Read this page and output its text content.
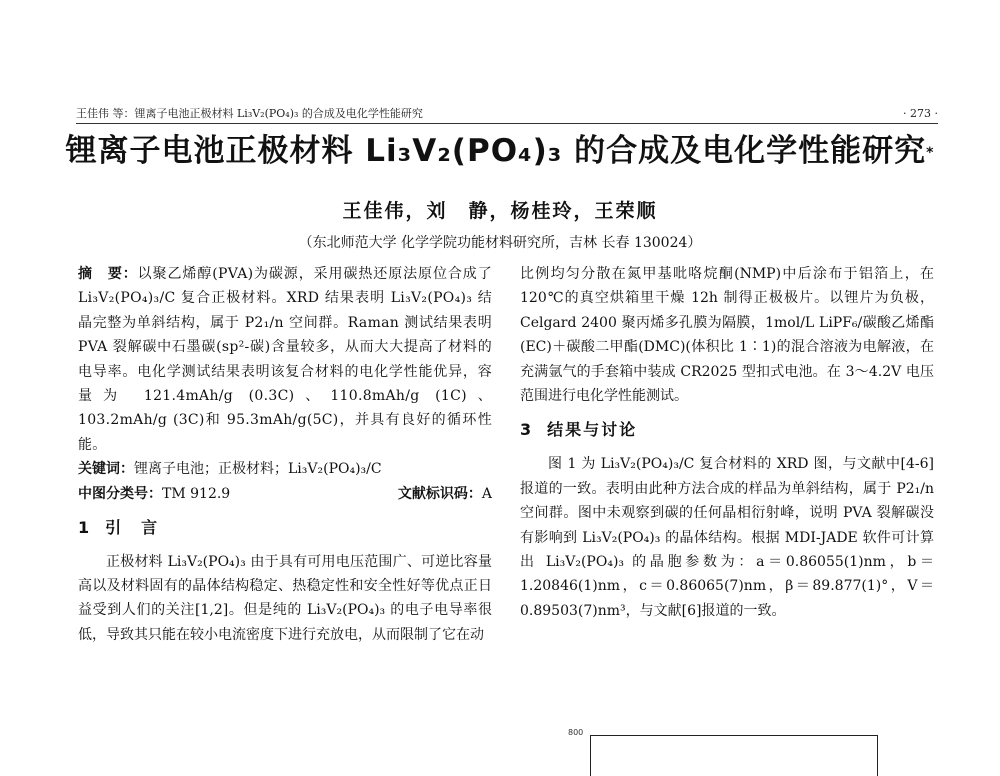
王佳伟 等：锂离子电池正极材料 Li₃V₂(PO₄)₃ 的合成及电化学性能研究	· 273 ·
锂离子电池正极材料 Li₃V₂(PO₄)₃ 的合成及电化学性能研究*
王佳伟，刘　静，杨桂玲，王荣顺
（东北师范大学 化学学院功能材料研究所，吉林 长春 130024）

摘　要：以聚乙烯醇(PVA)为碳源，采用碳热还原法原位合成了 Li₃V₂(PO₄)₃/C 复合正极材料。XRD 结果表明 Li₃V₂(PO₄)₃ 结晶完整为单斜结构，属于 P2₁/n 空间群。Raman 测试结果表明 PVA 裂解碳中石墨碳(sp²-碳)含量较多，从而大大提高了材料的电导率。电化学测试结果表明该复合材料的电化学性能优异，容量为 121.4mAh/g (0.3C)、110.8mAh/g (1C)、103.2mAh/g (3C)和 95.3mAh/g(5C)，并具有良好的循环性能。

关键词：锂离子电池；正极材料；Li₃V₂(PO₄)₃/C

中图分类号：TM 912.9	文献标识码：A
1 引　言

正极材料 Li₃V₂(PO₄)₃ 由于具有可用电压范围广、可逆比容量高以及材料固有的晶体结构稳定、热稳定性和安全性好等优点正日益受到人们的关注[1,2]。但是纯的 Li₃V₂(PO₄)₃ 的电子电导率很低，导致其只能在较小电流密度下进行充放电，从而限制了它在动

比例均匀分散在氮甲基吡咯烷酮(NMP)中后涂布于铝箔上，在 120℃的真空烘箱里干燥 12h 制得正极极片。以锂片为负极，Celgard 2400 聚丙烯多孔膜为隔膜，1mol/L LiPF₆/碳酸乙烯酯(EC)＋碳酸二甲酯(DMC)(体积比 1∶1)的混合溶液为电解液，在充满氩气的手套箱中装成 CR2025 型扣式电池。在 3～4.2V 电压范围进行电化学性能测试。

3 结果与讨论

图 1 为 Li₃V₂(PO₄)₃/C 复合材料的 XRD 图，与文献中[4-6]报道的一致。表明由此种方法合成的样品为单斜结构，属于 P2₁/n 空间群。图中未观察到碳的任何晶相衍射峰，说明 PVA 裂解碳没有影响到 Li₃V₂(PO₄)₃ 的晶体结构。根据 MDI-JADE 软件可计算出 Li₃V₂(PO₄)₃ 的晶胞参数为：a＝0.86055(1)nm，b＝1.20846(1)nm，c＝0.86065(7)nm，β＝89.877(1)°，V＝0.89503(7)nm³，与文献[6]报道的一致。

800
